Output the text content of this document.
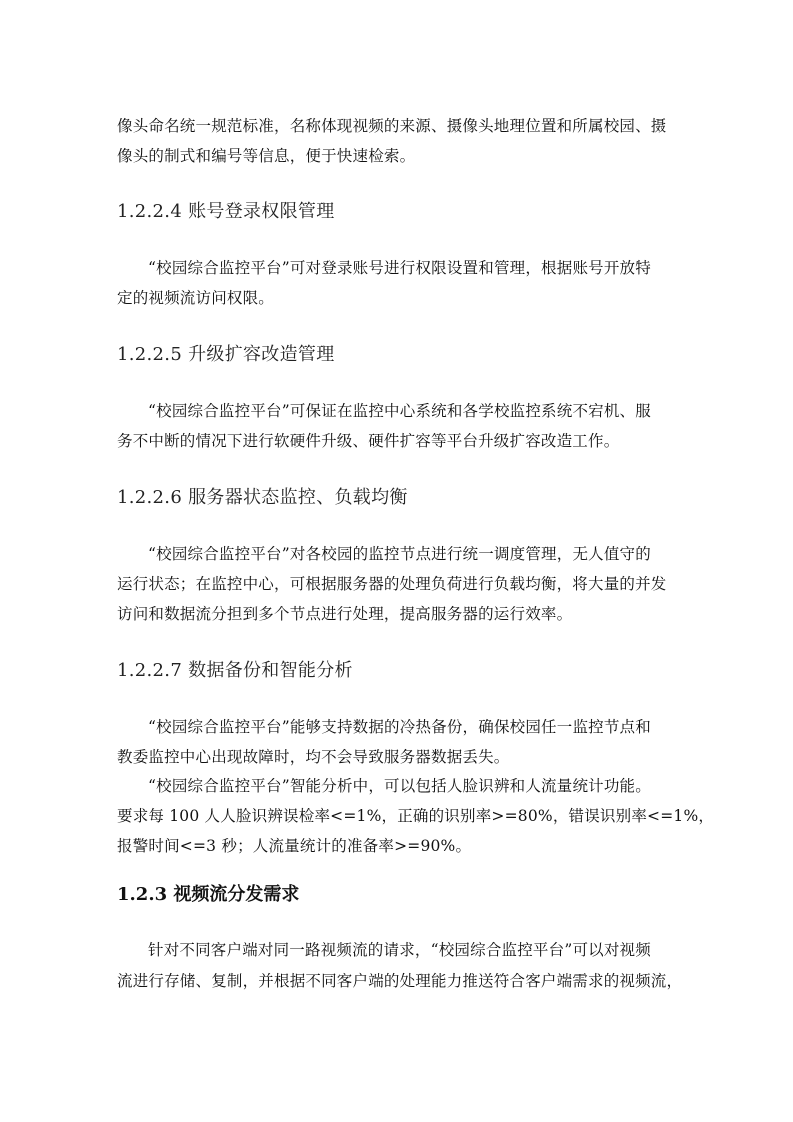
像头命名统一规范标准，名称体现视频的来源、摄像头地理位置和所属校园、摄
像头的制式和编号等信息，便于快速检索。
1.2.2.4 账号登录权限管理
“校园综合监控平台”可对登录账号进行权限设置和管理，根据账号开放特
定的视频流访问权限。
1.2.2.5 升级扩容改造管理
“校园综合监控平台”可保证在监控中心系统和各学校监控系统不宕机、服
务不中断的情况下进行软硬件升级、硬件扩容等平台升级扩容改造工作。
1.2.2.6 服务器状态监控、负载均衡
“校园综合监控平台”对各校园的监控节点进行统一调度管理，无人值守的
运行状态；在监控中心，可根据服务器的处理负荷进行负载均衡，将大量的并发
访问和数据流分担到多个节点进行处理，提高服务器的运行效率。
1.2.2.7 数据备份和智能分析
“校园综合监控平台”能够支持数据的冷热备份，确保校园任一监控节点和
教委监控中心出现故障时，均不会导致服务器数据丢失。
“校园综合监控平台”智能分析中，可以包括人脸识辨和人流量统计功能。
要求每 100 人人脸识辨误检率<=1%，正确的识别率>=80%，错误识别率<=1%，
报警时间<=3 秒；人流量统计的准备率>=90%。
1.2.3 视频流分发需求
针对不同客户端对同一路视频流的请求，“校园综合监控平台”可以对视频
流进行存储、复制，并根据不同客户端的处理能力推送符合客户端需求的视频流，
